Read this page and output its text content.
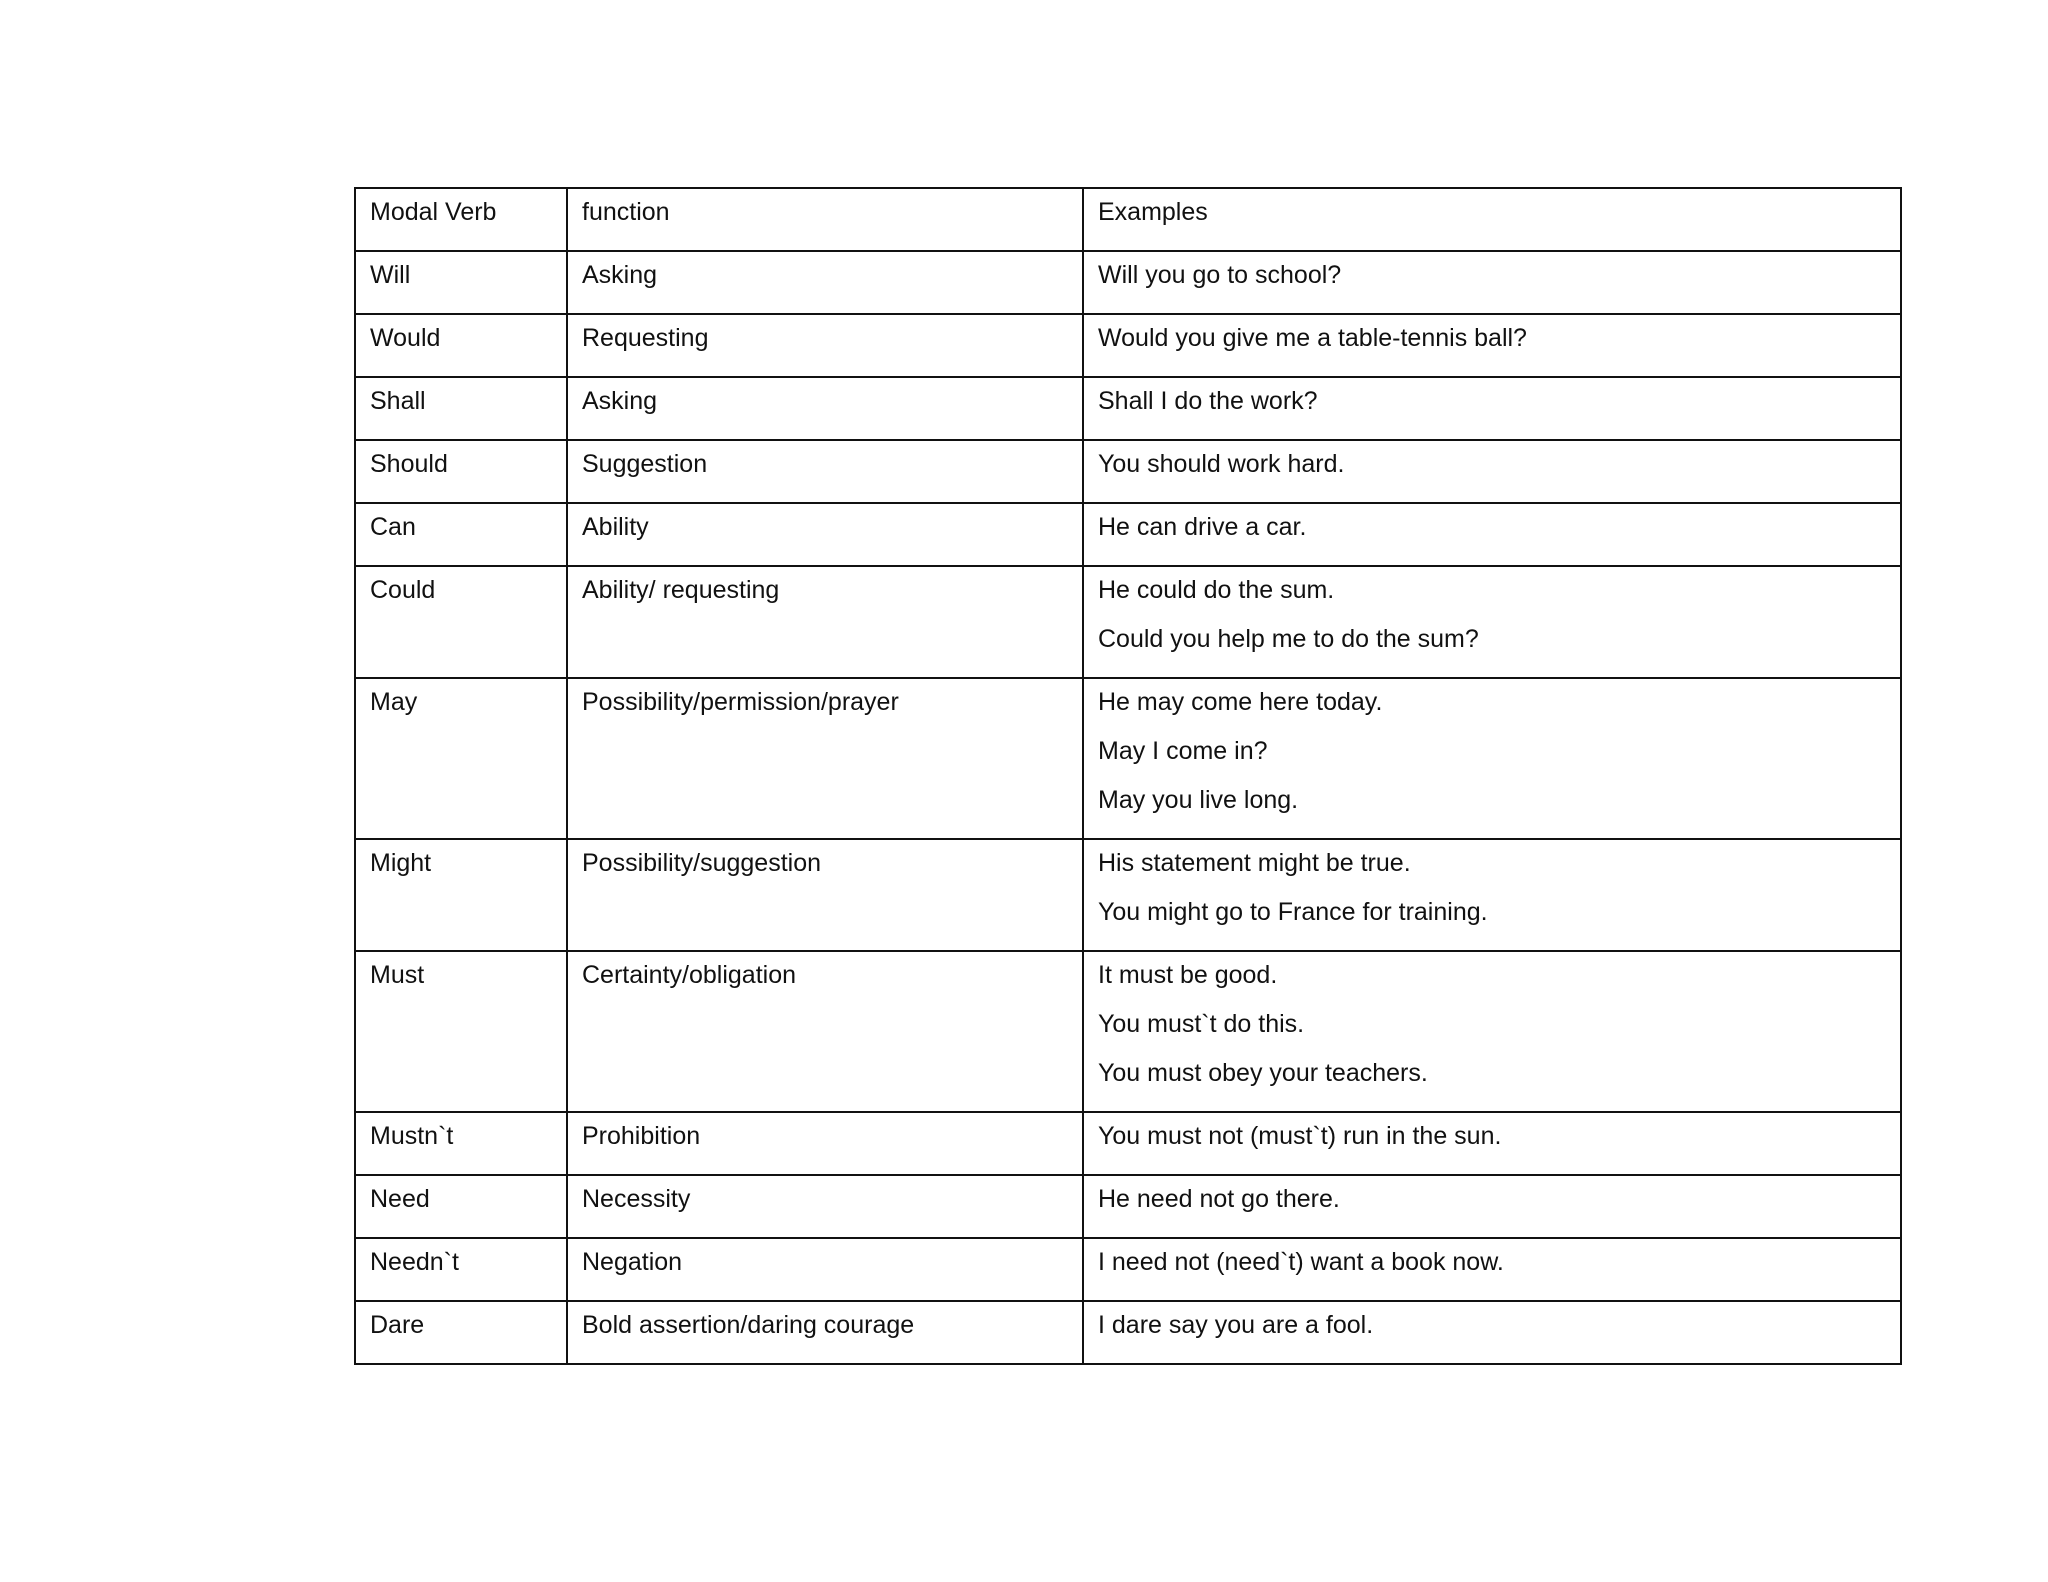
Modal Verb	function	Examples

Will	Asking	Will you go to school?

Would	Requesting	Would you give me a table-tennis ball?

Shall	Asking	Shall I do the work?

Should	Suggestion	You should work hard.

Can	Ability	He can drive a car.

Could	Ability/ requesting	He could do the sum.
Could you help me to do the sum?

May	Possibility/permission/prayer	He may come here today.
May I come in?
May you live long.

Might	Possibility/suggestion	His statement might be true.
You might go to France for training.

Must	Certainty/obligation	It must be good.
You must`t do this.
You must obey your teachers.

Mustn`t	Prohibition	You must not (must`t) run in the sun.

Need	Necessity	He need not go there.

Needn`t	Negation	I need not (need`t) want a book now.

Dare	Bold assertion/daring courage	I dare say you are a fool.
